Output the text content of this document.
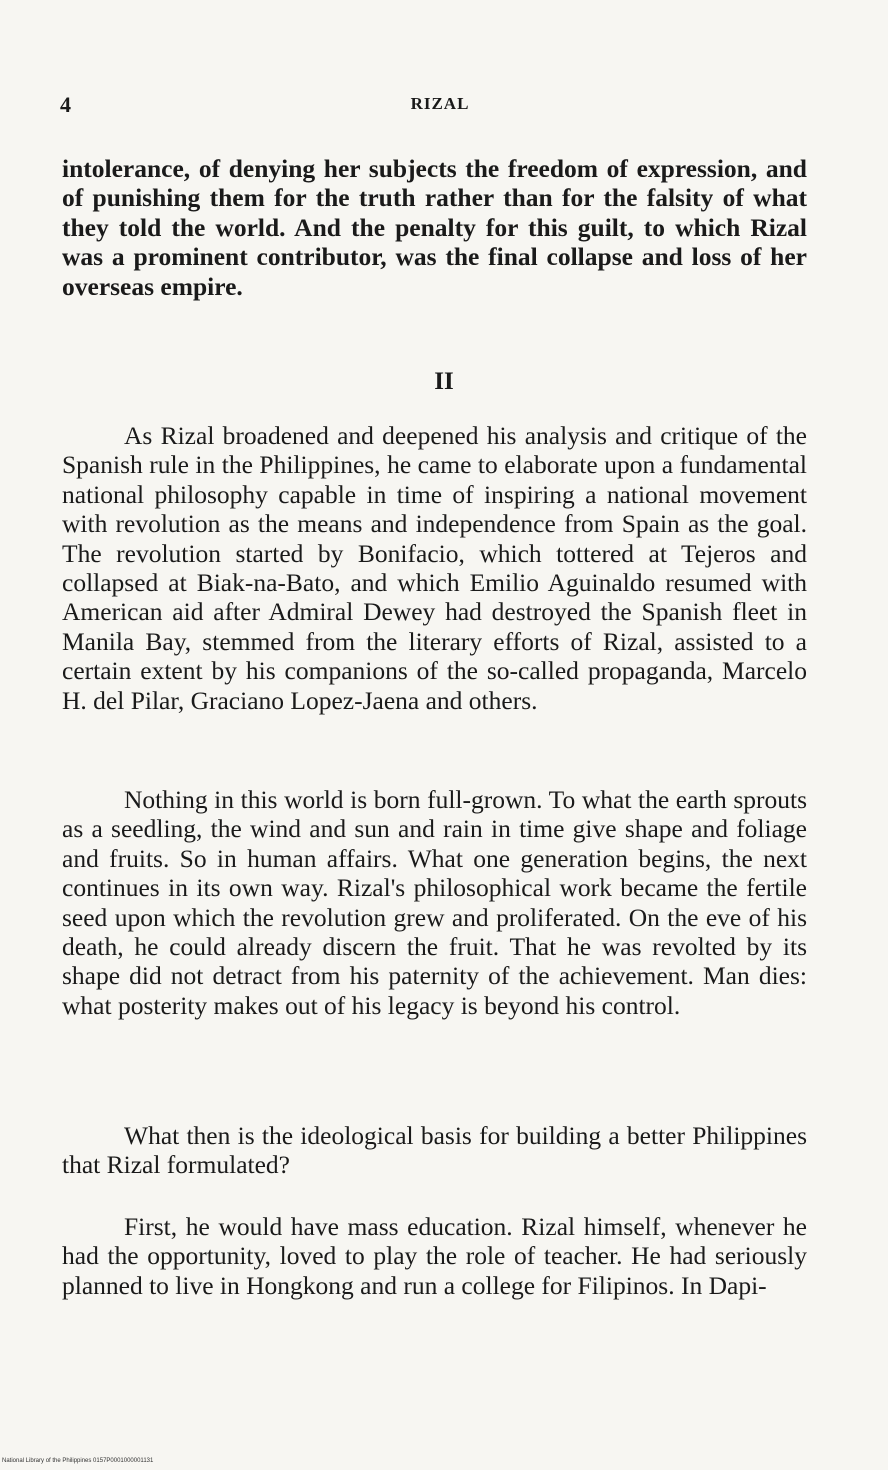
4	RIZAL

intolerance, of denying her subjects the freedom of expression, and of punishing them for the truth rather than for the falsity of what they told the world. And the penalty for this guilt, to which Rizal was a prominent contributor, was the final collapse and loss of her overseas empire.

II

As Rizal broadened and deepened his analysis and critique of the Spanish rule in the Philippines, he came to elaborate upon a fundamental national philosophy capable in time of inspiring a national movement with revolution as the means and independence from Spain as the goal. The revolution started by Bonifacio, which tottered at Tejeros and collapsed at Biak-na-Bato, and which Emilio Aguinaldo resumed with American aid after Admiral Dewey had destroyed the Spanish fleet in Manila Bay, stemmed from the literary efforts of Rizal, assisted to a certain extent by his companions of the so-called propaganda, Marcelo H. del Pilar, Graciano Lopez-Jaena and others.

Nothing in this world is born full-grown. To what the earth sprouts as a seedling, the wind and sun and rain in time give shape and foliage and fruits. So in human affairs. What one generation begins, the next continues in its own way. Rizal's philosophical work became the fertile seed upon which the revolution grew and proliferated. On the eve of his death, he could already discern the fruit. That he was revolted by its shape did not detract from his paternity of the achievement. Man dies: what posterity makes out of his legacy is beyond his control.

What then is the ideological basis for building a better Philippines that Rizal formulated?

First, he would have mass education. Rizal himself, whenever he had the opportunity, loved to play the role of teacher. He had seriously planned to live in Hongkong and run a college for Filipinos. In Dapi-

National Library of the Philippines 0157P0001000001131
